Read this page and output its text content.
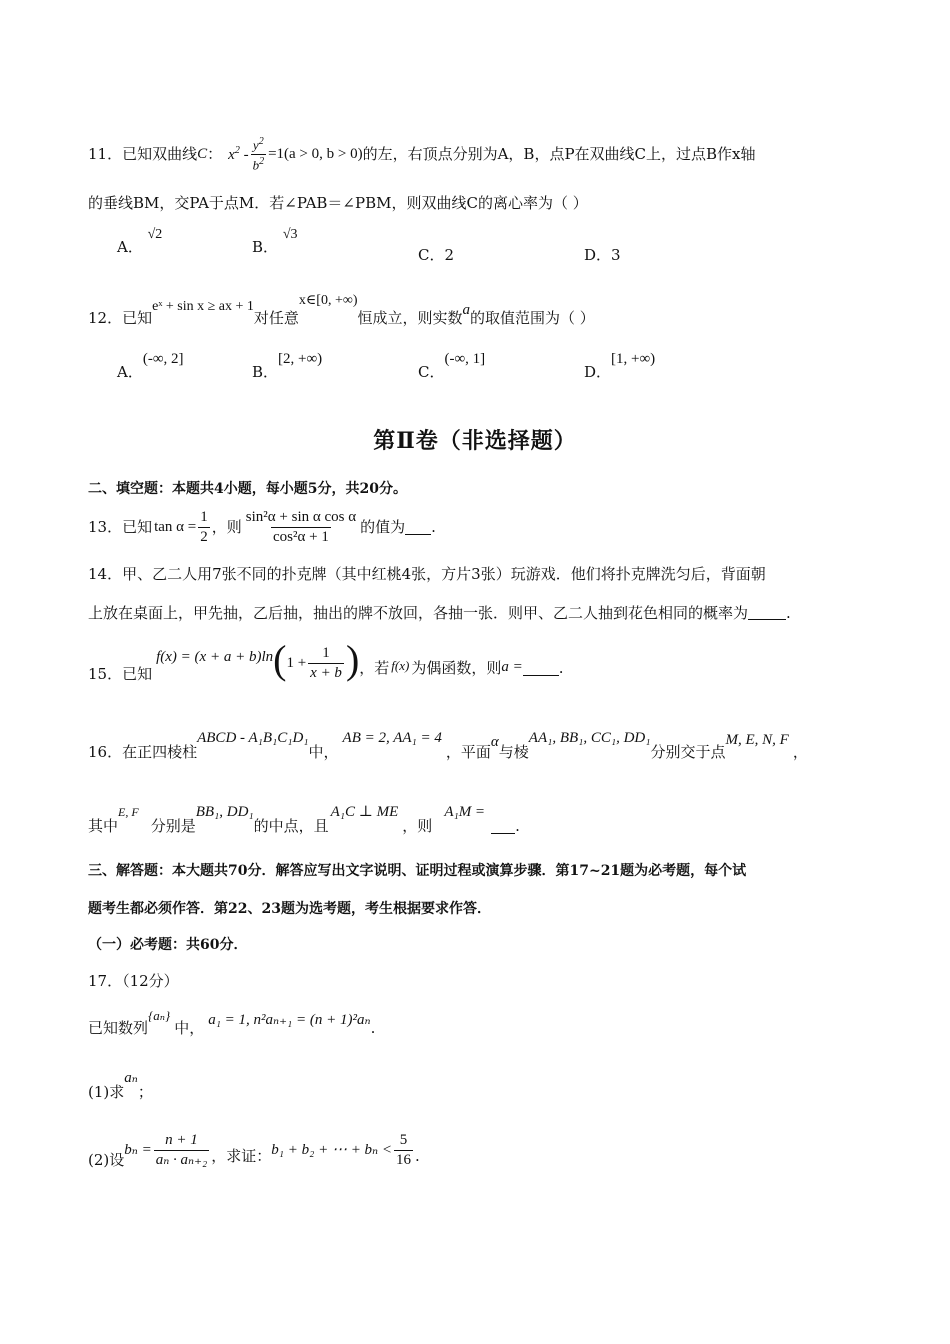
11． 已知双曲线 C ： $x^2 - \frac{y^2}{b^2} =1(a > 0$, b > 0) 的左，右顶点分别为A，B，点P在双曲线C上，过点B作x轴
的垂线BM，交PA于点M．若∠PAB＝∠PBM，则双曲线C的离心率为（ ）
A． √2
B． √3
C．2	D．3
12． 已知
eˣ + sin x ≥ ax + 1
对任意
x∈[0, +∞)
恒成立，则实数 a 的取值范围为（ ）
A．
(-∞, 2]
B．
[2, +∞)
C．
(-∞, 1]
D．
[1, +∞)
第Ⅱ卷（非选择题）
二、填空题：本题共4小题，每小题5分，共20分。
13． 已知 $\tan \alpha = \frac{1}{2}$ ，则 $\frac{\text{sin²α + sin α cos α}}{\text{cos²α + 1}}$ 的值为 .
14．甲、乙二人用7张不同的扑克牌（其中红桃4张，方片3张）玩游戏．他们将扑克牌洗匀后，背面朝
上放在桌面上，甲先抽，乙后抽，抽出的牌不放回，各抽一张．则甲、乙二人抽到花色相同的概率为	.
15． 已知
f(x) = (x + a + b)ln ( $1 + \frac{1}{x + b}$ ) ，若 f(x) 为偶函数，则 a = .
16． 在正四棱柱
ABCD - A₁B₁C₁D₁
中，
AB = 2, AA₁ = 4
，平面
α
与棱
AA₁, BB₁, CC₁, DD₁
分别交于点
M, E, N, F
，
其中
E, F
分别是
BB₁, DD₁
的中点，且
A₁C ⊥ ME
，则
A₁M =
.
三、解答题：本大题共70分．解答应写出文字说明、证明过程或演算步骤．第17~21题为必考题，每个试
题考生都必须作答．第22、23题为选考题，考生根据要求作答．
（一）必考题：共60分．
17．（12分）
已知数列
{aₙ}
中， a₁ = 1, n²aₙ₊₁ = (n + 1)²aₙ .
(1)求
aₙ
；
(2)设
$b_n = \frac{n + 1}{\text{aₙ · aₙ₊₂}}$ ，求证： b₁ + b₂ + ⋯ + $b_n < \frac{5}{16}$ .
